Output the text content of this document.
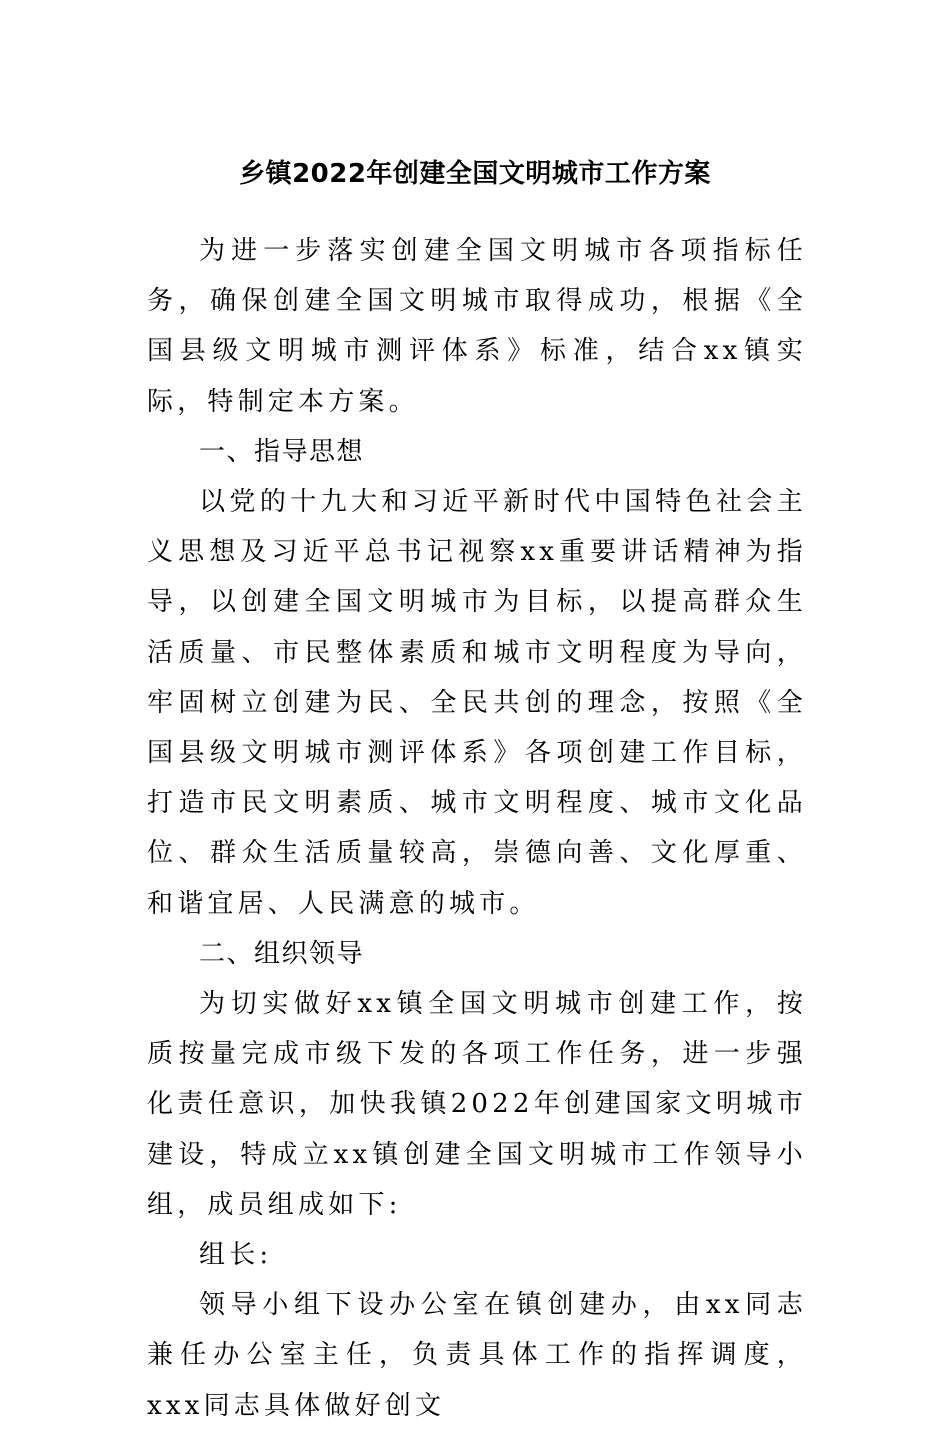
乡镇2022年创建全国文明城市工作方案

为进一步落实创建全国文明城市各项指标任务，确保创建全国文明城市取得成功，根据《全国县级文明城市测评体系》标准，结合xx镇实际，特制定本方案。

一、指导思想

以党的十九大和习近平新时代中国特色社会主义思想及习近平总书记视察xx重要讲话精神为指导，以创建全国文明城市为目标，以提高群众生活质量、市民整体素质和城市文明程度为导向，牢固树立创建为民、全民共创的理念，按照《全国县级文明城市测评体系》各项创建工作目标，打造市民文明素质、城市文明程度、城市文化品位、群众生活质量较高，崇德向善、文化厚重、和谐宜居、人民满意的城市。

二、组织领导

为切实做好xx镇全国文明城市创建工作，按质按量完成市级下发的各项工作任务，进一步强化责任意识，加快我镇2022年创建国家文明城市建设，特成立xx镇创建全国文明城市工作领导小组，成员组成如下:

组长:

领导小组下设办公室在镇创建办，由xx同志兼任办公室主任，负责具体工作的指挥调度，xxx同志具体做好创文
